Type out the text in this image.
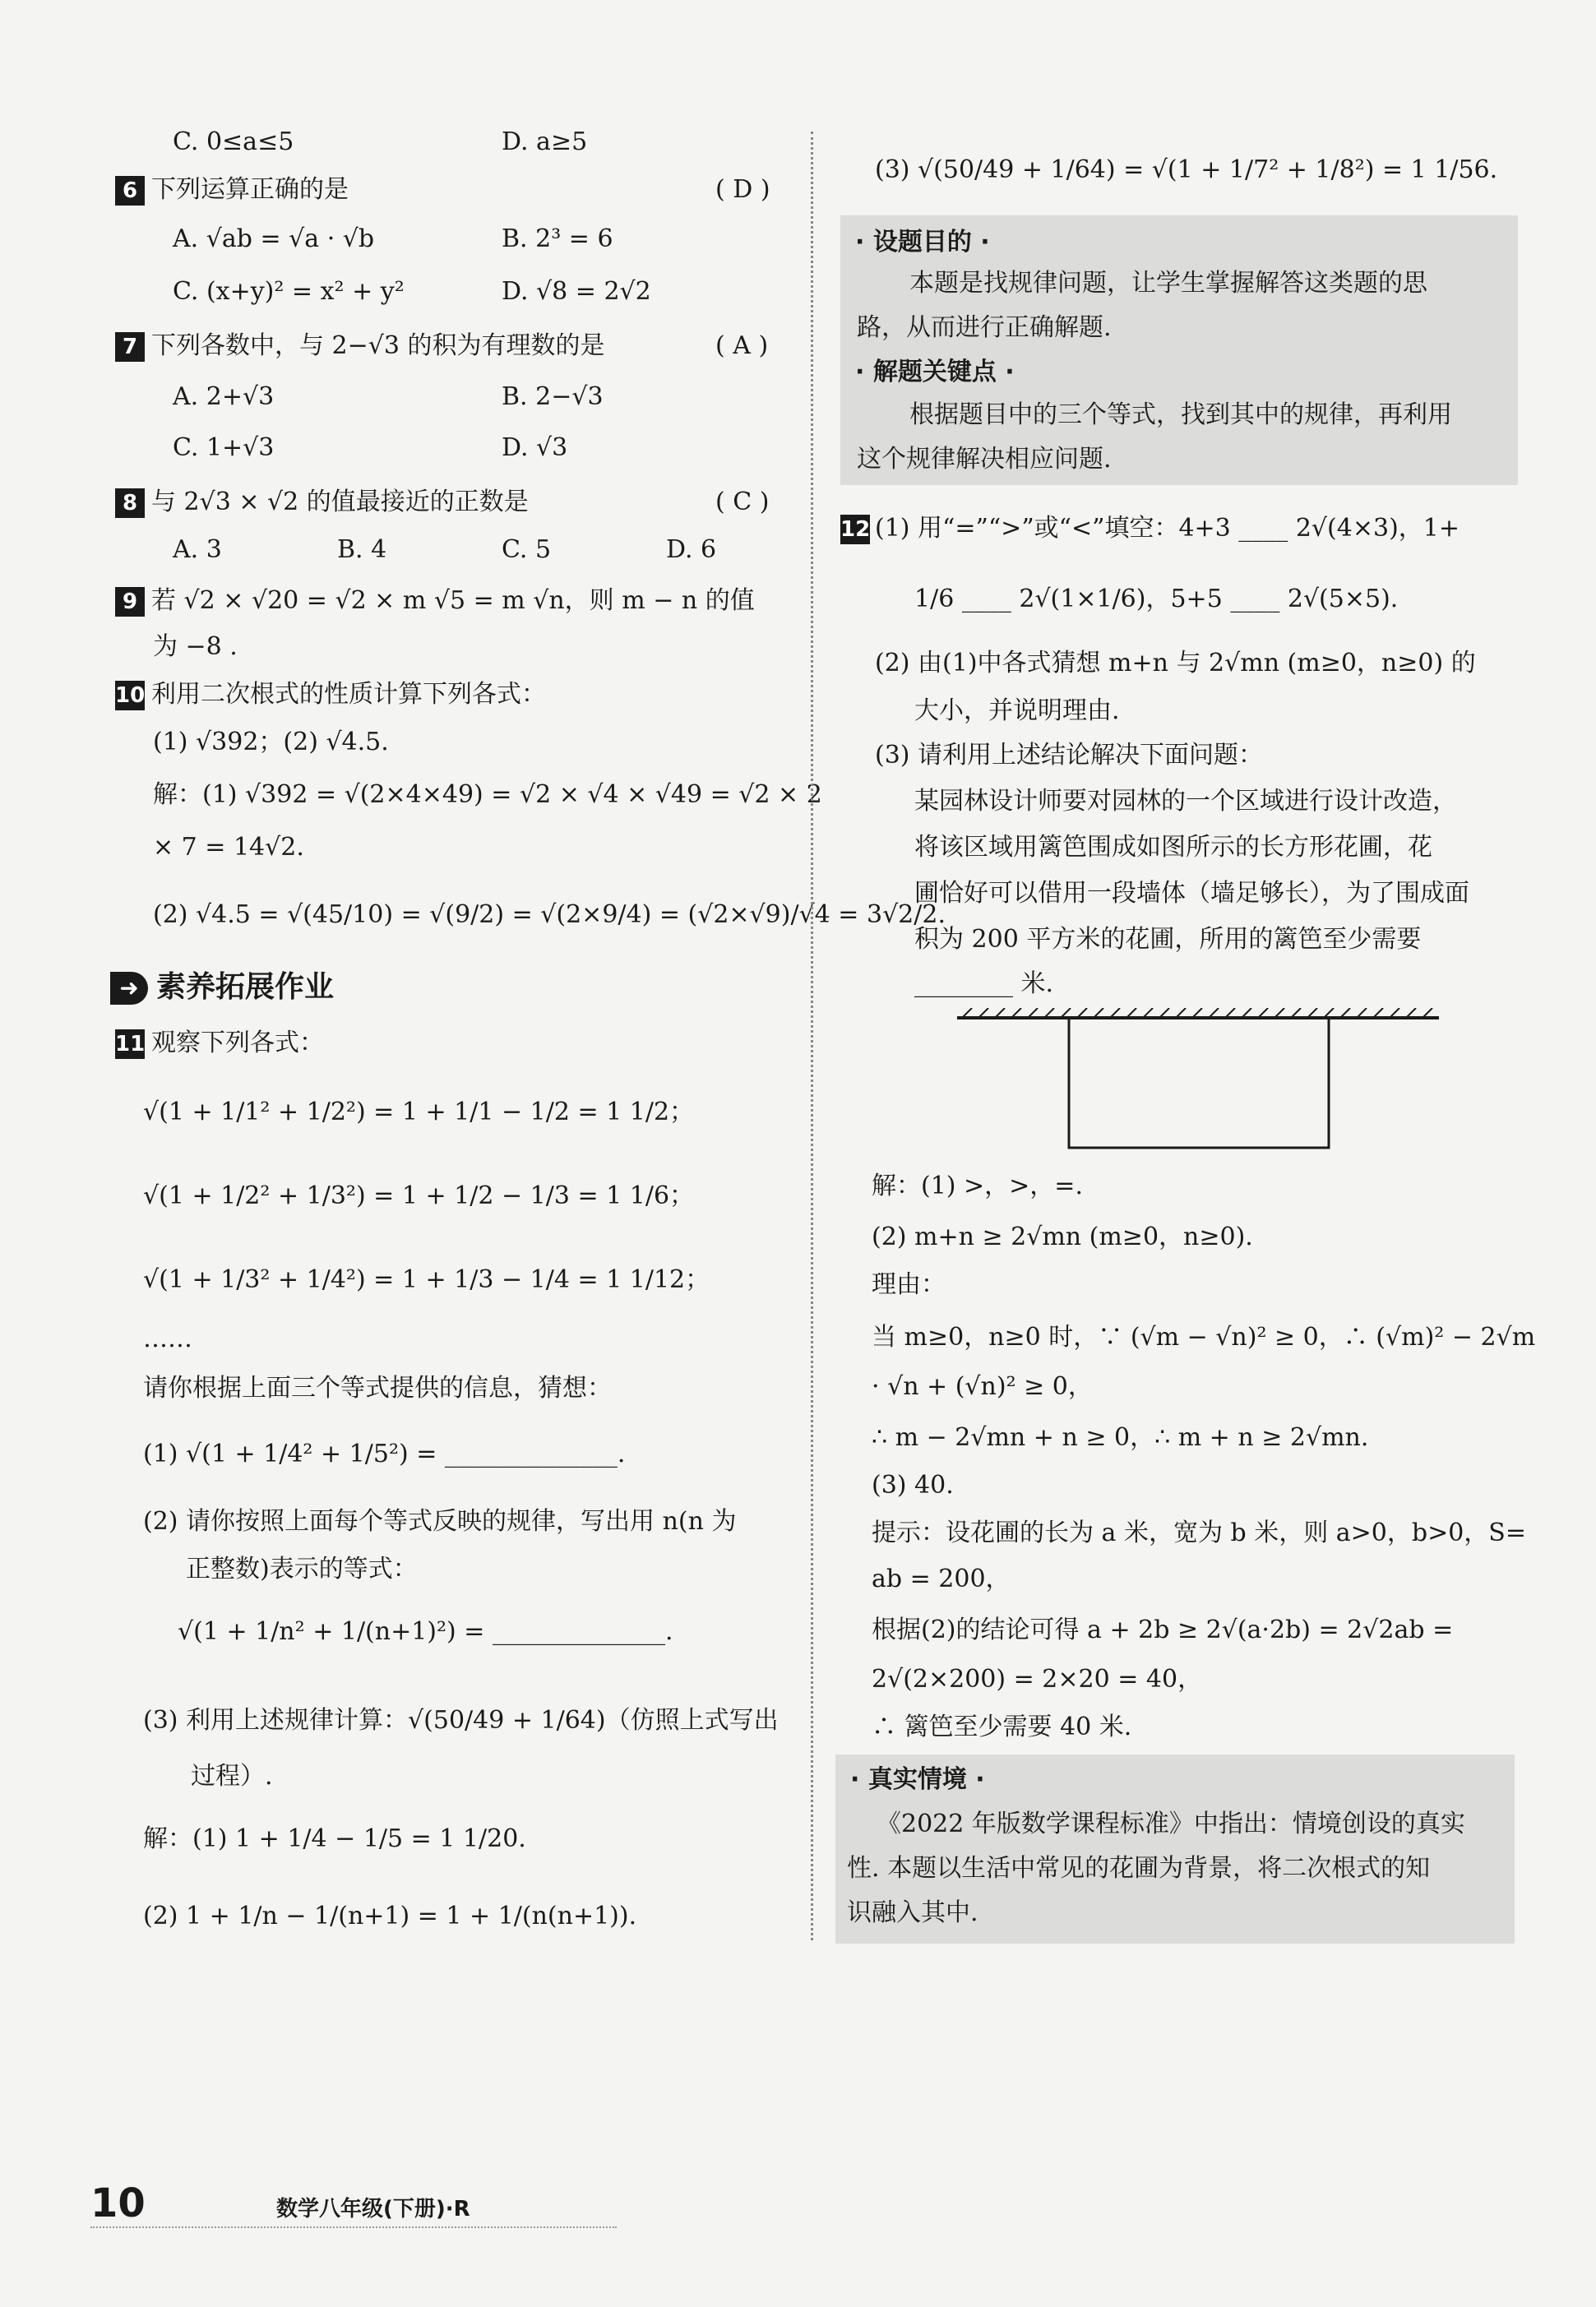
C. 0≤a≤5	D. a≥5
6 下列运算正确的是	( D )
A. √ab = √a · √b	B. 2³ = 6
C. (x+y)² = x² + y²	D. √8 = 2√2
7 下列各数中，与 2−√3 的积为有理数的是	( A )
A. 2+√3	B. 2−√3
C. 1+√3	D. √3
8 与 2√3 × √2 的值最接近的正数是	( C )
A. 3	B. 4	C. 5	D. 6
9 若 √2 × √20 = √2 × m √5 = m √n，则 m − n 的值
为 −8 .
10 利用二次根式的性质计算下列各式：
(1) √392；(2) √4.5.
解：(1) √392 = √(2×4×49) = √2 × √4 × √49 = √2 × 2
× 7 = 14√2.
(2) √4.5 = √(45/10) = √(9/2) = √(2×9/4) = (√2×√9)/√4 = 3√2/2.
11 观察下列各式：
√(1 + 1/1² + 1/2²) = 1 + 1/1 − 1/2 = 1 1/2；
√(1 + 1/2² + 1/3²) = 1 + 1/2 − 1/3 = 1 1/6；
√(1 + 1/3² + 1/4²) = 1 + 1/3 − 1/4 = 1 1/12；
……
请你根据上面三个等式提供的信息，猜想：
(1) √(1 + 1/4² + 1/5²) = ______________.
(2) 请你按照上面每个等式反映的规律，写出用 n(n 为
正整数)表示的等式：
√(1 + 1/n² + 1/(n+1)²) = ______________.
(3) 利用上述规律计算：√(50/49 + 1/64)（仿照上式写出
过程）.
解：(1) 1 + 1/4 − 1/5 = 1 1/20.
(2) 1 + 1/n − 1/(n+1) = 1 + 1/(n(n+1)).
(3) √(50/49 + 1/64) = √(1 + 1/7² + 1/8²) = 1 1/56.
(1) 用“=”“>”或“<”填空：4+3 ____ 2√(4×3)，1+
1/6 ____ 2√(1×1/6)，5+5 ____ 2√(5×5).
(2) 由(1)中各式猜想 m+n 与 2√mn (m≥0，n≥0) 的
大小，并说明理由.
(3) 请利用上述结论解决下面问题：
某园林设计师要对园林的一个区域进行设计改造，
将该区域用篱笆围成如图所示的长方形花圃，花
圃恰好可以借用一段墙体（墙足够长），为了围成面
积为 200 平方米的花圃，所用的篱笆至少需要
________ 米.
解：(1) >，>，=.
(2) m+n ≥ 2√mn (m≥0，n≥0).
理由：
当 m≥0，n≥0 时，∵ (√m − √n)² ≥ 0，∴ (√m)² − 2√m
· √n + (√n)² ≥ 0，
∴ m − 2√mn + n ≥ 0，∴ m + n ≥ 2√mn.
(3) 40.
提示：设花圃的长为 a 米，宽为 b 米，则 a>0，b>0，S=
ab = 200，
根据(2)的结论可得 a + 2b ≥ 2√(a·2b) = 2√2ab =
2√(2×200) = 2×20 = 40，
∴ 篱笆至少需要 40 米.
➜ 素养拓展作业
12
· 设题目的 ·
本题是找规律问题，让学生掌握解答这类题的思
路，从而进行正确解题.
· 解题关键点 ·
根据题目中的三个等式，找到其中的规律，再利用
这个规律解决相应问题.
· 真实情境 ·
《2022 年版数学课程标准》中指出：情境创设的真实
性. 本题以生活中常见的花圃为背景，将二次根式的知
识融入其中.
10	数学八年级(下册)·R
